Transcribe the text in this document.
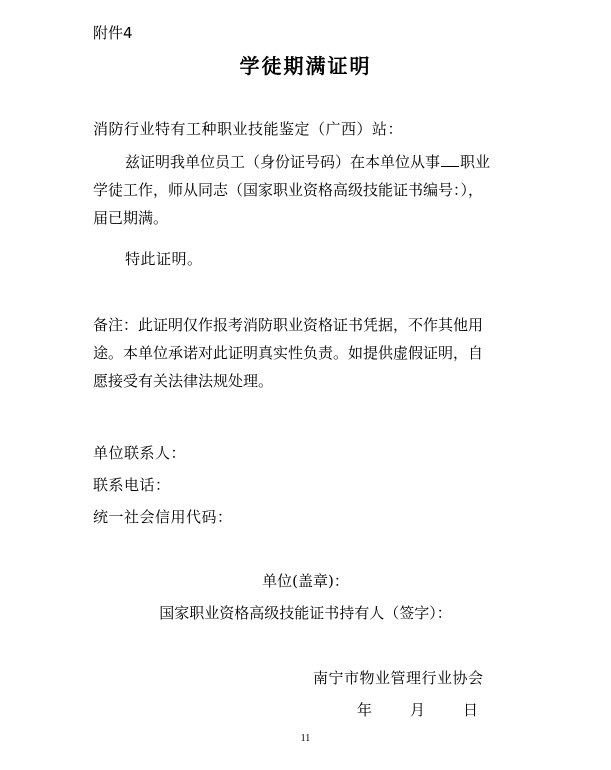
附件4
学徒期满证明
消防行业特有工种职业技能鉴定（广西）站：
兹证明我单位员工（身份证号码）在本单位从事 职业
学徒工作，师从同志（国家职业资格高级技能证书编号：），
届已期满。
特此证明。
备注：此证明仅作报考消防职业资格证书凭据，不作其他用
途。本单位承诺对此证明真实性负责。如提供虚假证明，自
愿接受有关法律法规处理。
单位联系人：
联系电话：
统一社会信用代码：
单位(盖章)：
国家职业资格高级技能证书持有人（签字）：
南宁市物业管理行业协会
年 月 日
11
